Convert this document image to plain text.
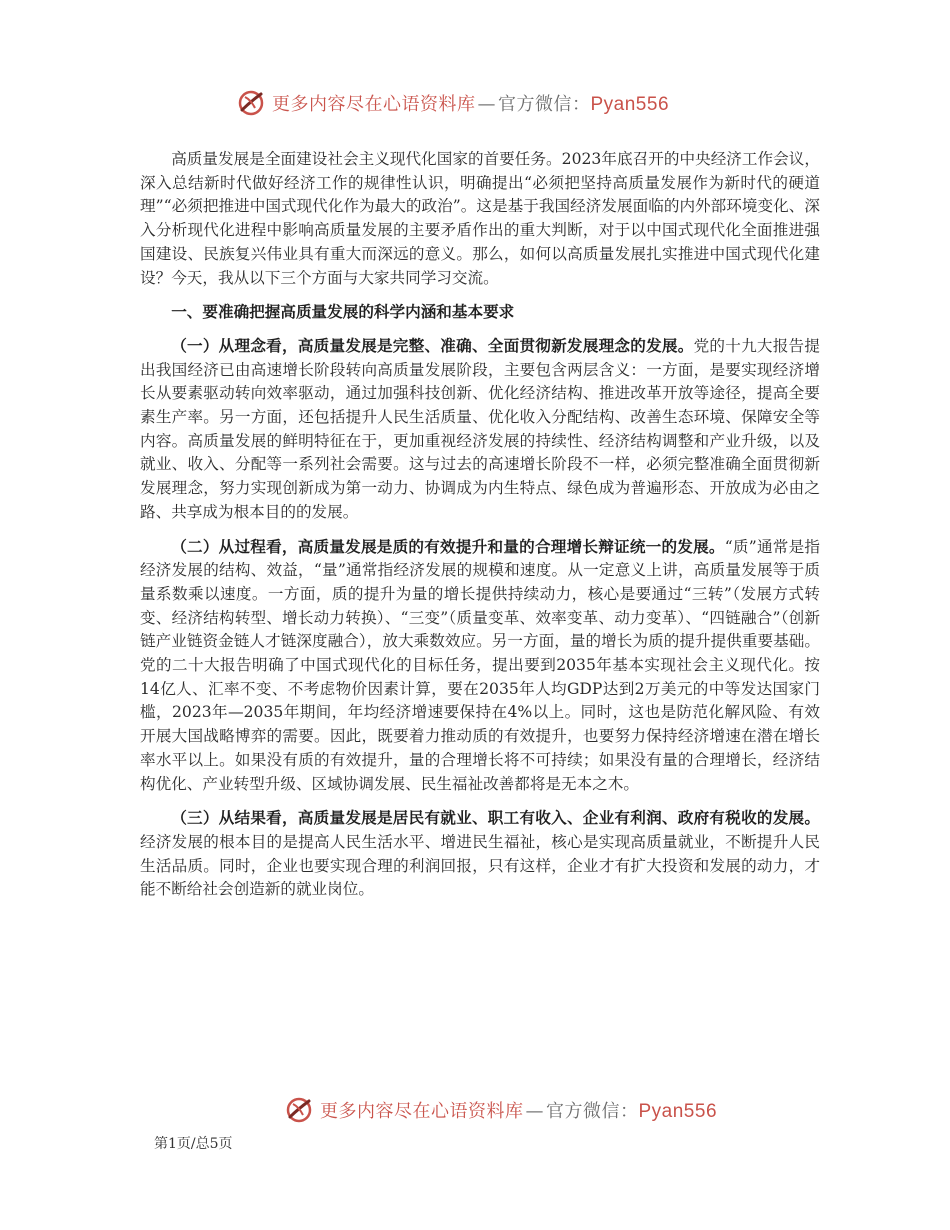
更多内容尽在心语资料库 — 官方微信：Pyan556

高质量发展是全面建设社会主义现代化国家的首要任务。2023年底召开的中央经济工作会议，深入总结新时代做好经济工作的规律性认识，明确提出“必须把坚持高质量发展作为新时代的硬道理”“必须把推进中国式现代化作为最大的政治”。这是基于我国经济发展面临的内外部环境变化、深入分析现代化进程中影响高质量发展的主要矛盾作出的重大判断，对于以中国式现代化全面推进强国建设、民族复兴伟业具有重大而深远的意义。那么，如何以高质量发展扎实推进中国式现代化建设？今天，我从以下三个方面与大家共同学习交流。

一、要准确把握高质量发展的科学内涵和基本要求

（一）从理念看，高质量发展是完整、准确、全面贯彻新发展理念的发展。党的十九大报告提出我国经济已由高速增长阶段转向高质量发展阶段，主要包含两层含义：一方面，是要实现经济增长从要素驱动转向效率驱动，通过加强科技创新、优化经济结构、推进改革开放等途径，提高全要素生产率。另一方面，还包括提升人民生活质量、优化收入分配结构、改善生态环境、保障安全等内容。高质量发展的鲜明特征在于，更加重视经济发展的持续性、经济结构调整和产业升级，以及就业、收入、分配等一系列社会需要。这与过去的高速增长阶段不一样，必须完整准确全面贯彻新发展理念，努力实现创新成为第一动力、协调成为内生特点、绿色成为普遍形态、开放成为必由之路、共享成为根本目的的发展。

（二）从过程看，高质量发展是质的有效提升和量的合理增长辩证统一的发展。“质”通常是指经济发展的结构、效益，“量”通常指经济发展的规模和速度。从一定意义上讲，高质量发展等于质量系数乘以速度。一方面，质的提升为量的增长提供持续动力，核心是要通过“三转”（发展方式转变、经济结构转型、增长动力转换）、“三变”（质量变革、效率变革、动力变革）、“四链融合”（创新链产业链资金链人才链深度融合），放大乘数效应。另一方面，量的增长为质的提升提供重要基础。党的二十大报告明确了中国式现代化的目标任务，提出要到2035年基本实现社会主义现代化。按14亿人、汇率不变、不考虑物价因素计算，要在2035年人均GDP达到2万美元的中等发达国家门槛，2023年—2035年期间，年均经济增速要保持在4%以上。同时，这也是防范化解风险、有效开展大国战略博弈的需要。因此，既要着力推动质的有效提升，也要努力保持经济增速在潜在增长率水平以上。如果没有质的有效提升，量的合理增长将不可持续；如果没有量的合理增长，经济结构优化、产业转型升级、区域协调发展、民生福祉改善都将是无本之木。

（三）从结果看，高质量发展是居民有就业、职工有收入、企业有利润、政府有税收的发展。经济发展的根本目的是提高人民生活水平、增进民生福祉，核心是实现高质量就业，不断提升人民生活品质。同时，企业也要实现合理的利润回报，只有这样，企业才有扩大投资和发展的动力，才能不断给社会创造新的就业岗位。

更多内容尽在心语资料库 — 官方微信：Pyan556
第1页/总5页
